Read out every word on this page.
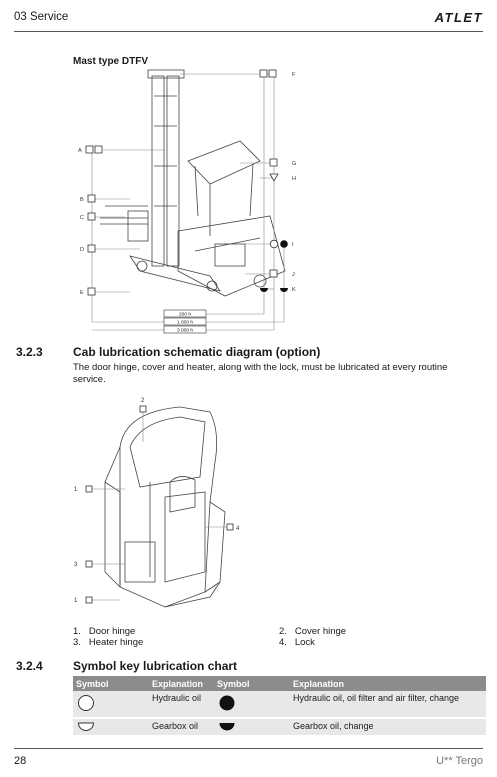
03 Service	ATLET
Mast type DTFV
A
B
C
D
E
F
G
H
I
J
K
200 h
1 000 h
3 000 h
3.2.3	Cab lubrication schematic diagram (option)
The door hinge, cover and heater, along with the lock, must be lubricated at every routine service.
1
2
3
4
1
1. Door hinge
3. Heater hinge
2. Cover hinge
4. Lock
3.2.4	Symbol key lubrication chart
Symbol	Explanation	Symbol	Explanation
	Hydraulic oil		Hydraulic oil, oil filter and air filter, change
	Gearbox oil		Gearbox oil, change
28	U** Tergo
